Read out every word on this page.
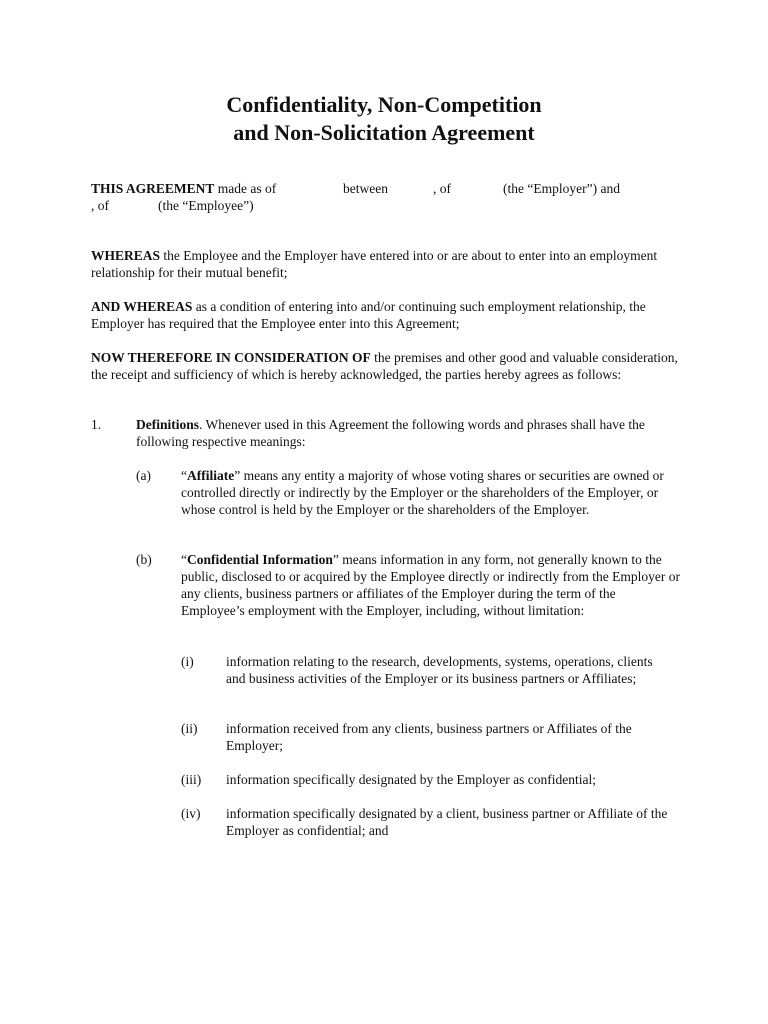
Confidentiality, Non-Competition
and Non-Solicitation Agreement
THIS AGREEMENT made as of	between	, of	(the “Employer”) and
, of	(the “Employee”)

WHEREAS the Employee and the Employer have entered into or are about to enter into an employment relationship for their mutual benefit;

AND WHEREAS as a condition of entering into and/or continuing such employment relationship, the Employer has required that the Employee enter into this Agreement;

NOW THEREFORE IN CONSIDERATION OF the premises and other good and valuable consideration, the receipt and sufficiency of which is hereby acknowledged, the parties hereby agrees as follows:

1.	Definitions. Whenever used in this Agreement the following words and phrases shall have the following respective meanings:

(a) “Affiliate” means any entity a majority of whose voting shares or securities are owned or controlled directly or indirectly by the Employer or the shareholders of the Employer, or whose control is held by the Employer or the shareholders of the Employer.

(b) “Confidential Information” means information in any form, not generally known to the public, disclosed to or acquired by the Employee directly or indirectly from the Employer or any clients, business partners or affiliates of the Employer during the term of the Employee’s employment with the Employer, including, without limitation:

(i) information relating to the research, developments, systems, operations, clients and business activities of the Employer or its business partners or Affiliates;

(ii) information received from any clients, business partners or Affiliates of the Employer;

(iii) information specifically designated by the Employer as confidential;

(iv) information specifically designated by a client, business partner or Affiliate of the Employer as confidential; and
